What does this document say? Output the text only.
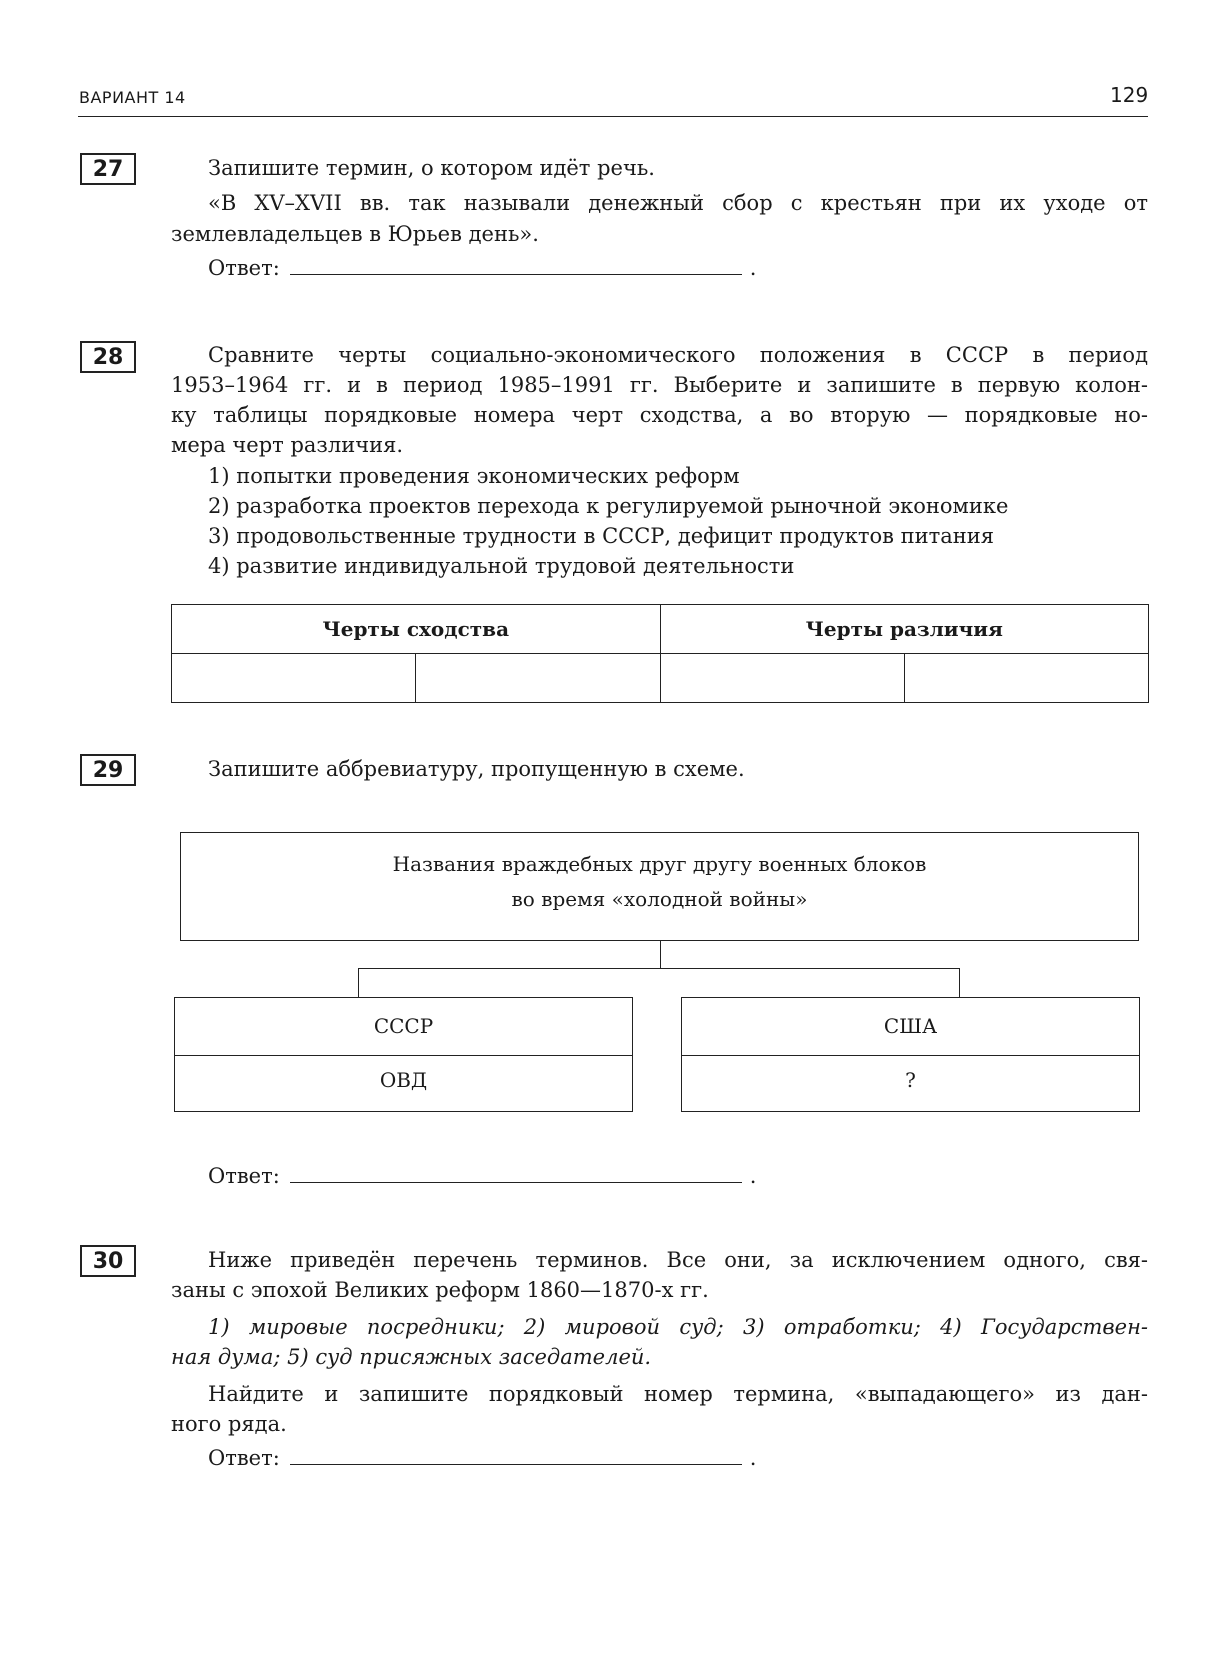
ВАРИАНТ 14	129
27	Запишите термин, о котором идёт речь.
«В XV–XVII вв. так называли денежный сбор с крестьян при их уходе от
землевладельцев в Юрьев день».
Ответ:	.
28	Сравните черты социально-экономического положения в СССР в период
1953–1964 гг. и в период 1985–1991 гг. Выберите и запишите в первую колон-
ку таблицы порядковые номера черт сходства, а во вторую — порядковые но-
мера черт различия.
1) попытки проведения экономических реформ
2) разработка проектов перехода к регулируемой рыночной экономике
3) продовольственные трудности в СССР, дефицит продуктов питания
4) развитие индивидуальной трудовой деятельности
Черты сходства		Черты различия	

29	Запишите аббревиатуру, пропущенную в схеме.
Названия враждебных друг другу военных блоков
во время «холодной войны»
СССР
ОВД
США
?
Ответ:	.
30	Ниже приведён перечень терминов. Все они, за исключением одного, свя-
заны с эпохой Великих реформ 1860—1870-х гг.
1) мировые посредники; 2) мировой суд; 3) отработки; 4) Государствен-
ная дума; 5) суд присяжных заседателей.
Найдите и запишите порядковый номер термина, «выпадающего» из дан-
ного ряда.
Ответ:	.
